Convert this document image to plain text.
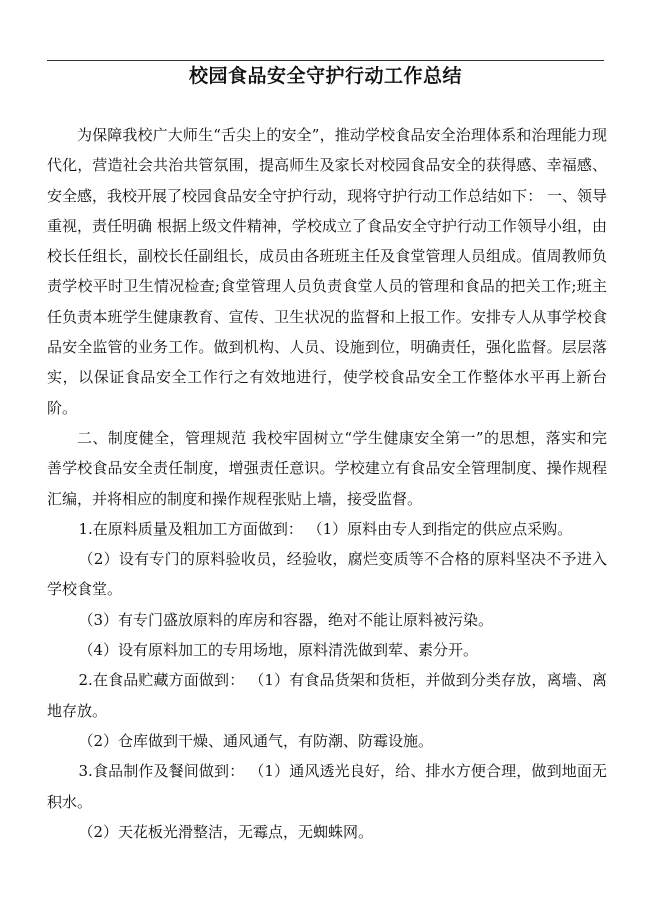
校园食品安全守护行动工作总结

为保障我校广大师生“舌尖上的安全”，推动学校食品安全治理体系和治理能力现代化，营造社会共治共管氛围，提高师生及家长对校园食品安全的获得感、幸福感、安全感，我校开展了校园食品安全守护行动，现将守护行动工作总结如下： 一、领导重视，责任明确 根据上级文件精神，学校成立了食品安全守护行动工作领导小组，由校长任组长，副校长任副组长，成员由各班班主任及食堂管理人员组成。值周教师负责学校平时卫生情况检查;食堂管理人员负责食堂人员的管理和食品的把关工作;班主任负责本班学生健康教育、宣传、卫生状况的监督和上报工作。安排专人从事学校食品安全监管的业务工作。做到机构、人员、设施到位，明确责任，强化监督。层层落实，以保证食品安全工作行之有效地进行，使学校食品安全工作整体水平再上新台阶。

二、制度健全，管理规范 我校牢固树立“学生健康安全第一”的思想，落实和完善学校食品安全责任制度，增强责任意识。学校建立有食品安全管理制度、操作规程汇编，并将相应的制度和操作规程张贴上墙，接受监督。

1.在原料质量及粗加工方面做到： （1）原料由专人到指定的供应点采购。

（2）设有专门的原料验收员，经验收，腐烂变质等不合格的原料坚决不予进入学校食堂。

（3）有专门盛放原料的库房和容器，绝对不能让原料被污染。

（4）设有原料加工的专用场地，原料清洗做到荤、素分开。

2.在食品贮藏方面做到： （1）有食品货架和货柜，并做到分类存放，离墙、离地存放。

（2）仓库做到干燥、通风通气，有防潮、防霉设施。

3.食品制作及餐间做到： （1）通风透光良好，给、排水方便合理，做到地面无积水。

（2）天花板光滑整洁，无霉点，无蜘蛛网。
